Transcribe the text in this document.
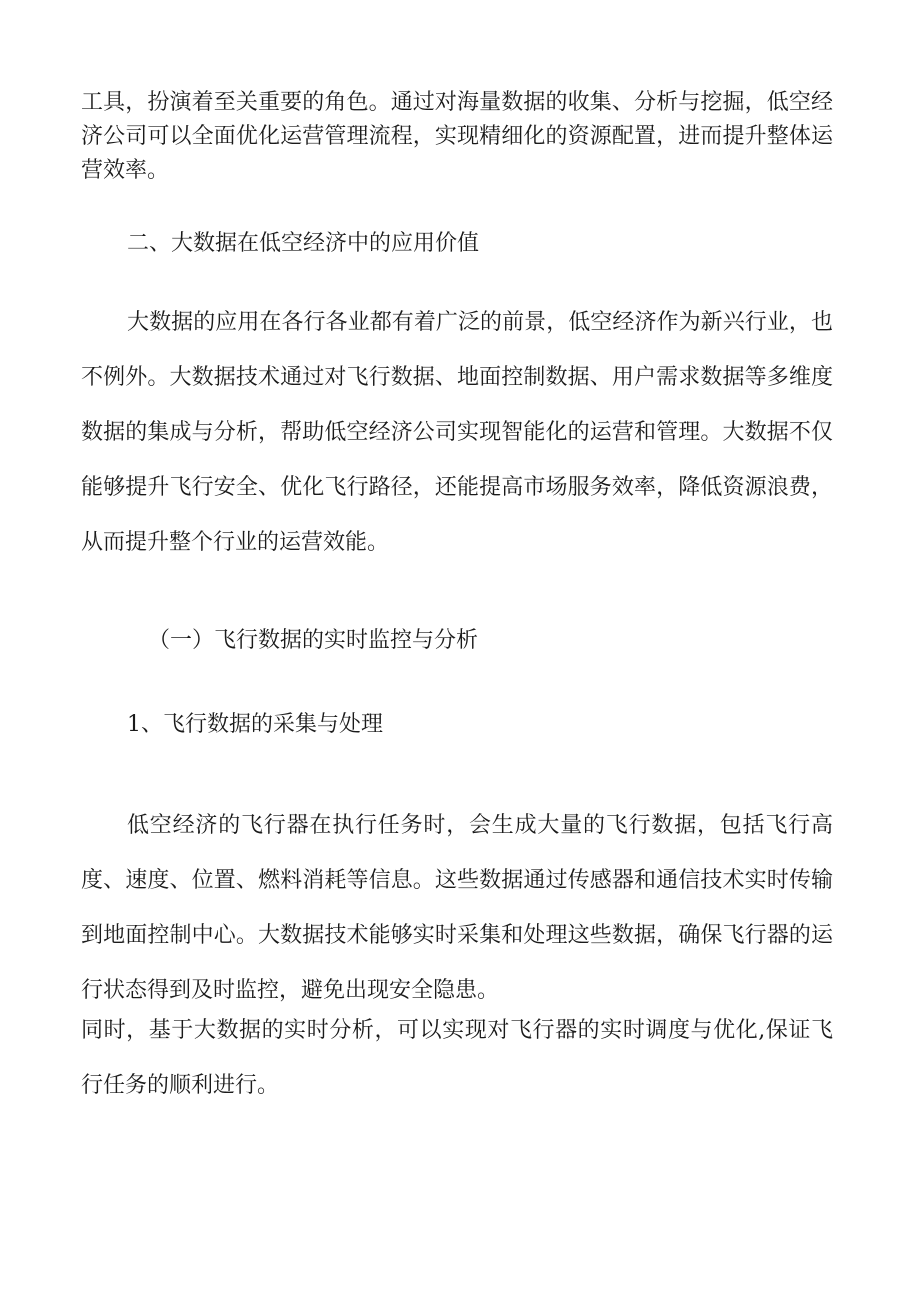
工具，扮演着至关重要的角色。通过对海量数据的收集、分析与挖掘，低空经济公司可以全面优化运营管理流程，实现精细化的资源配置，进而提升整体运营效率。

二、大数据在低空经济中的应用价值

大数据的应用在各行各业都有着广泛的前景，低空经济作为新兴行业，也不例外。大数据技术通过对飞行数据、地面控制数据、用户需求数据等多维度数据的集成与分析，帮助低空经济公司实现智能化的运营和管理。大数据不仅能够提升飞行安全、优化飞行路径，还能提高市场服务效率，降低资源浪费，从而提升整个行业的运营效能。

（一）飞行数据的实时监控与分析

1、飞行数据的采集与处理

低空经济的飞行器在执行任务时，会生成大量的飞行数据，包括飞行高度、速度、位置、燃料消耗等信息。这些数据通过传感器和通信技术实时传输到地面控制中心。大数据技术能够实时采集和处理这些数据，确保飞行器的运行状态得到及时监控，避免出现安全隐患。

同时，基于大数据的实时分析，可以实现对飞行器的实时调度与优化,保证飞行任务的顺利进行。
